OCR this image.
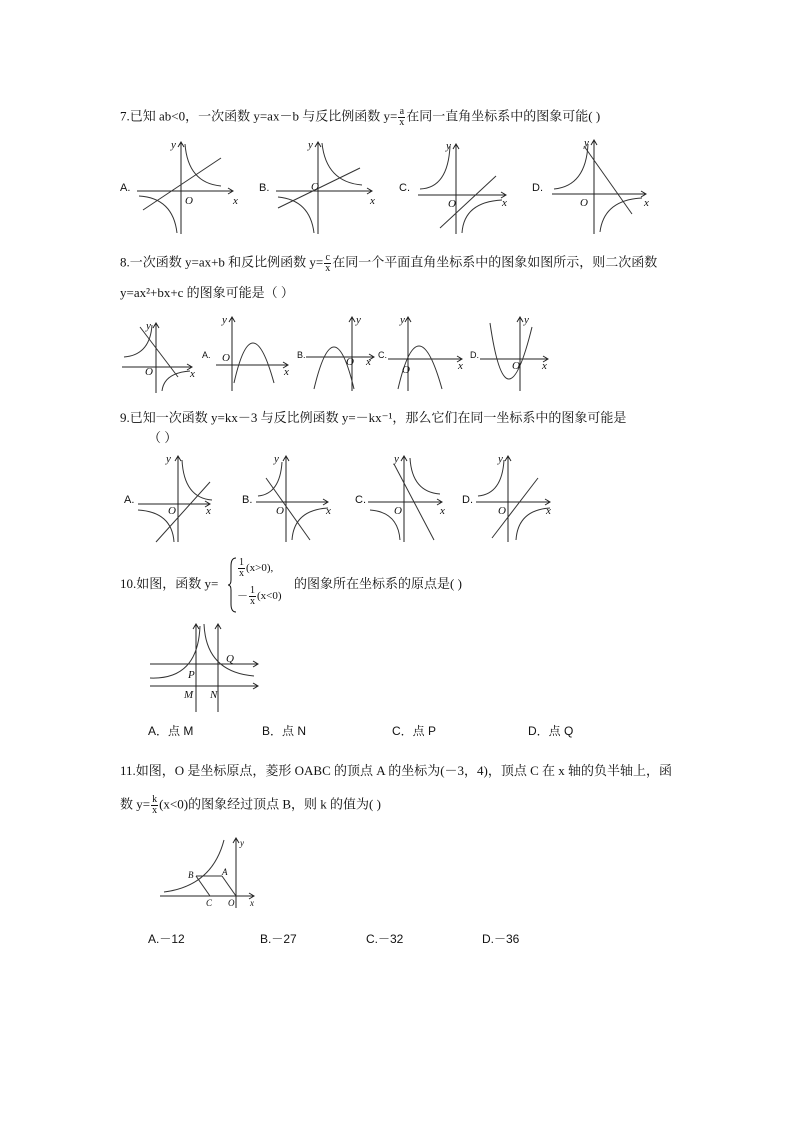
7.已知 ab<0，一次函数 y=ax－b 与反比例函数 $y= \frac{a}{x}$ 在同一直角坐标系中的图象可能( )
A.	B.	C.	D.
x
y
O	x
y
O
x
y
O	x
y
O
8.一次函数 y=ax+b 和反比例函数 $y= \frac{c}{x}$ 在同一个平面直角坐标系中的图象如图所示，则二次函数
y=ax²+bx+c 的图象可能是（ ）
x
y
O
A.
x
y
O	B.
x
y
O
C.
x
y
O
D.
x
y
O
9.已知一次函数 y=kx－3 与反比例函数 y=－kx⁻¹，那么它们在同一坐标系中的图象可能是
（ ）
A.
x
y
O
B.
x
y
O
C.
x
y
O
D.
x
y
O
10.如图，函数 y=
$\frac{1}{x} (x>0)$,
－ $\frac{1}{x} (x<0)$
的图象所在坐标系的原点是( )
Q
P
M N
A．点 M	B．点 N	C．点 P	D．点 Q
11.如图，O 是坐标原点，菱形 OABC 的顶点 A 的坐标为(－3，4)，顶点 C 在 x 轴的负半轴上，函
数 $y= \frac{k}{x} (x<0)$的图象经过顶点 B，则 k 的值为( )
B	A
C O x
y
A.－12	B.－27	C.－32	D.－36
